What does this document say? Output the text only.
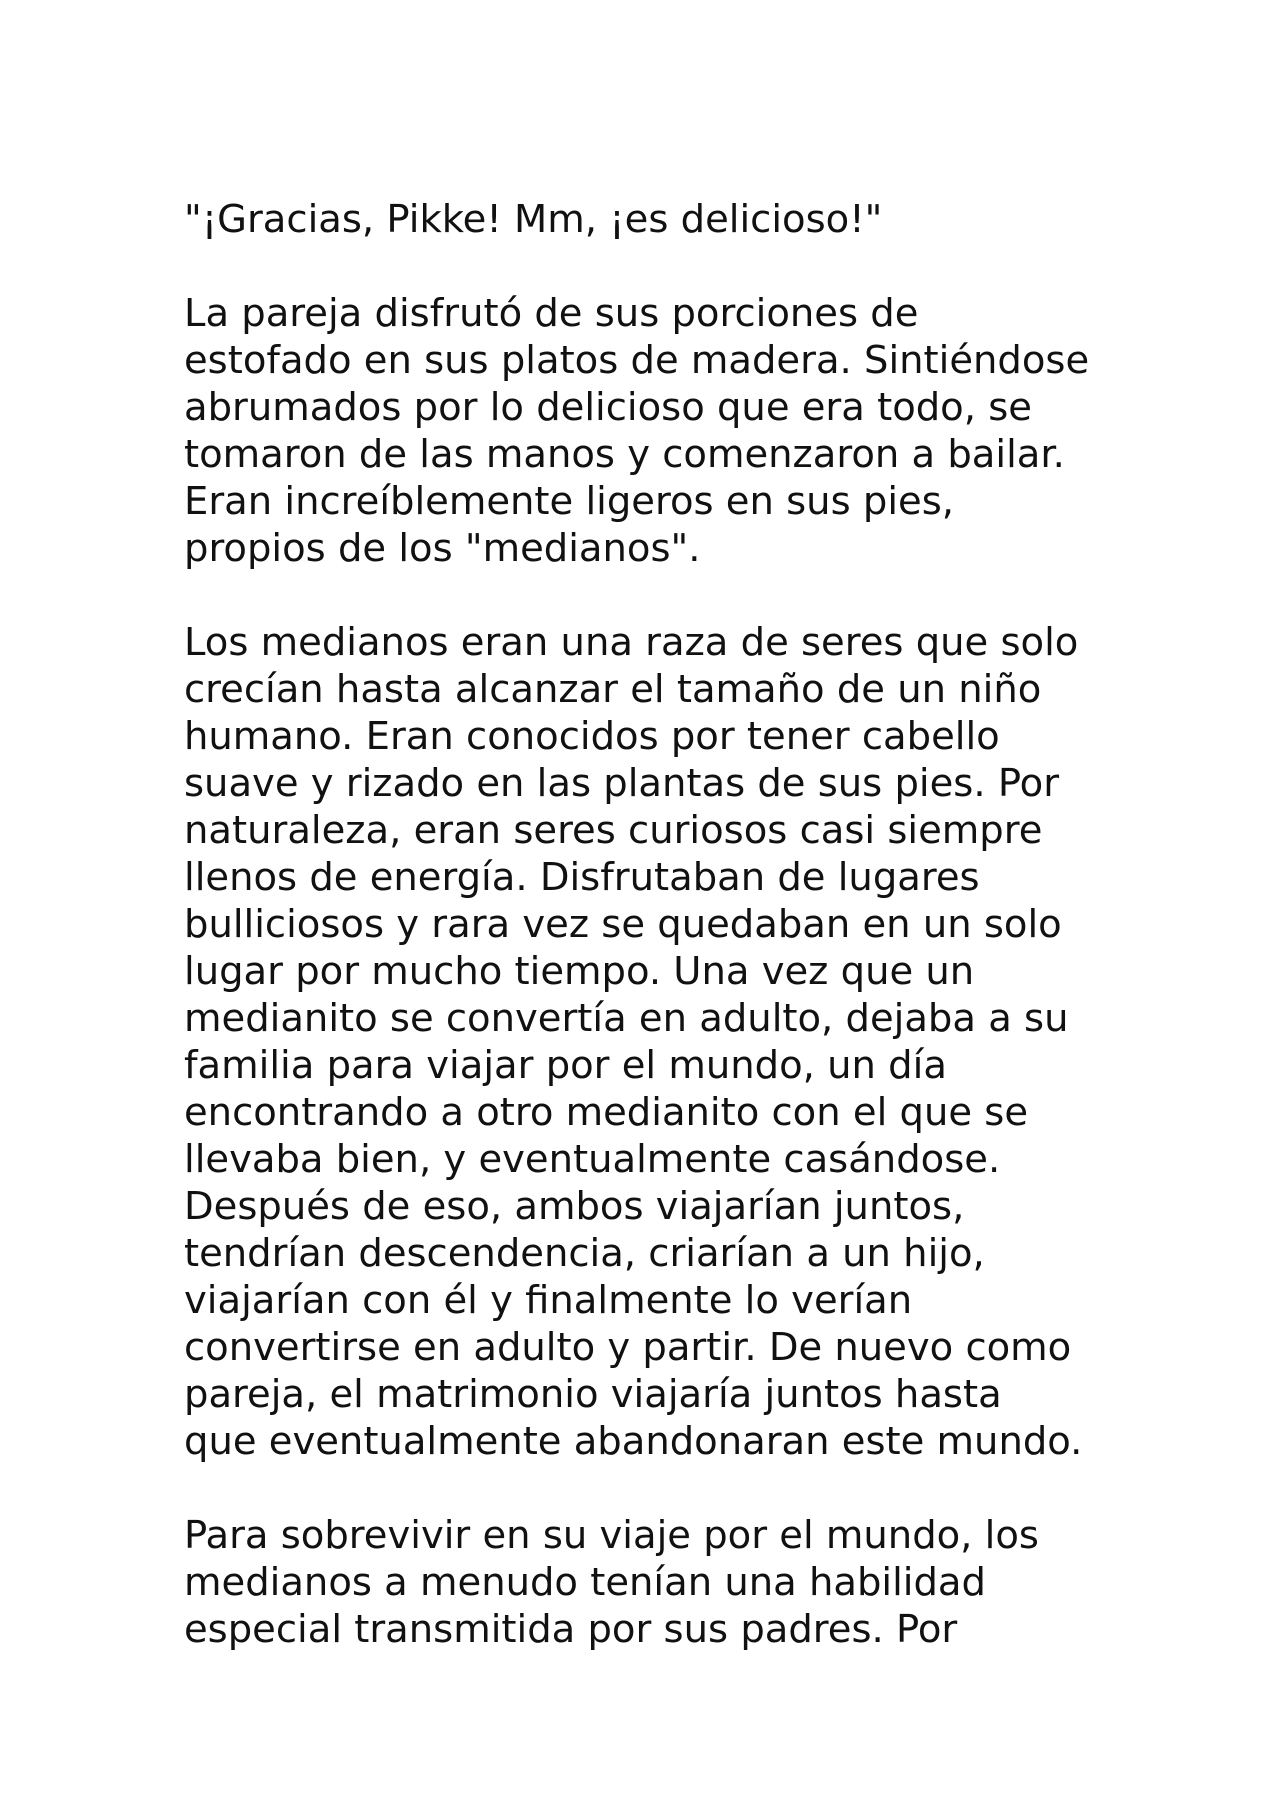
"¡Gracias, Pikke! Mm, ¡es delicioso!"

La pareja disfrutó de sus porciones de
estofado en sus platos de madera. Sintiéndose
abrumados por lo delicioso que era todo, se
tomaron de las manos y comenzaron a bailar.
Eran increíblemente ligeros en sus pies,
propios de los "medianos".

Los medianos eran una raza de seres que solo
crecían hasta alcanzar el tamaño de un niño
humano. Eran conocidos por tener cabello
suave y rizado en las plantas de sus pies. Por
naturaleza, eran seres curiosos casi siempre
llenos de energía. Disfrutaban de lugares
bulliciosos y rara vez se quedaban en un solo
lugar por mucho tiempo. Una vez que un
medianito se convertía en adulto, dejaba a su
familia para viajar por el mundo, un día
encontrando a otro medianito con el que se
llevaba bien, y eventualmente casándose.
Después de eso, ambos viajarían juntos,
tendrían descendencia, criarían a un hijo,
viajarían con él y finalmente lo verían
convertirse en adulto y partir. De nuevo como
pareja, el matrimonio viajaría juntos hasta
que eventualmente abandonaran este mundo.

Para sobrevivir en su viaje por el mundo, los
medianos a menudo tenían una habilidad
especial transmitida por sus padres. Por
